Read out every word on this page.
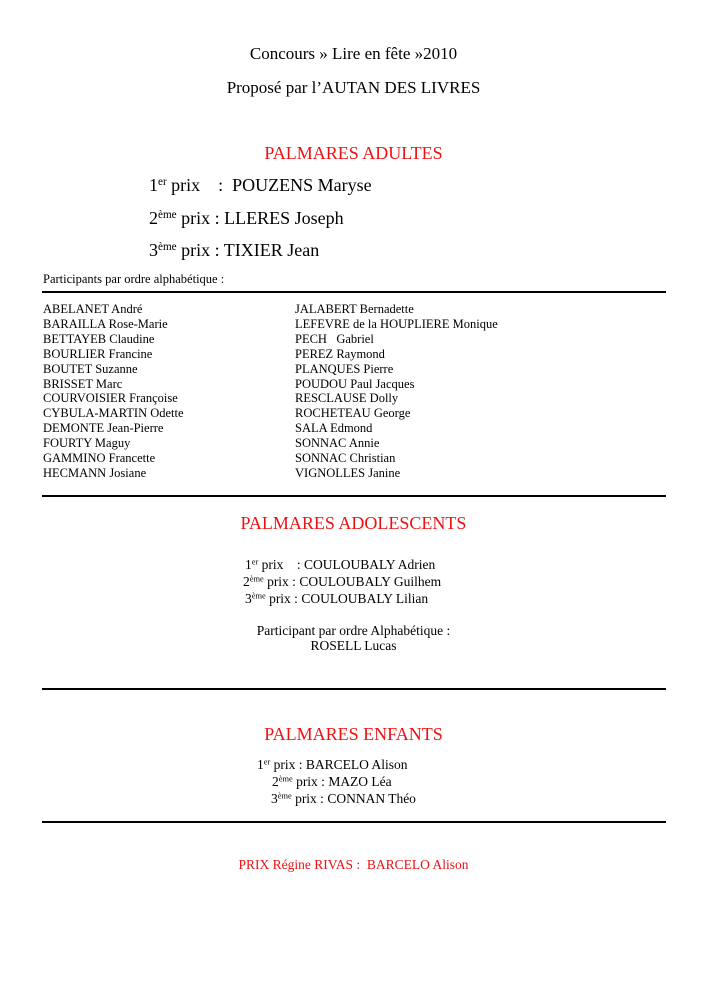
Concours » Lire en fête »2010
Proposé par l’AUTAN DES LIVRES
PALMARES ADULTES
1er prix    :  POUZENS Maryse
2ème prix : LLERES Joseph
3ème prix : TIXIER Jean
Participants par ordre alphabétique :
ABELANET André
BARAILLA Rose-Marie
BETTAYEB Claudine
BOURLIER Francine
BOUTET Suzanne
BRISSET Marc
COURVOISIER Françoise
CYBULA-MARTIN Odette
DEMONTE Jean-Pierre
FOURTY Maguy
GAMMINO Francette
HECMANN Josiane
JALABERT Bernadette
LEFEVRE de la HOUPLIERE Monique
PECH   Gabriel
PEREZ Raymond
PLANQUES Pierre
POUDOU Paul Jacques
RESCLAUSE Dolly
ROCHETEAU George
SALA Edmond
SONNAC Annie
SONNAC Christian
VIGNOLLES Janine
PALMARES ADOLESCENTS
1er prix    : COULOUBALY Adrien
2ème prix : COULOUBALY Guilhem
3ème prix : COULOUBALY Lilian
Participant par ordre Alphabétique :
ROSELL Lucas
PALMARES ENFANTS
1er prix : BARCELO Alison
2ème prix : MAZO Léa
3ème prix : CONNAN Théo
PRIX Régine RIVAS :  BARCELO Alison
